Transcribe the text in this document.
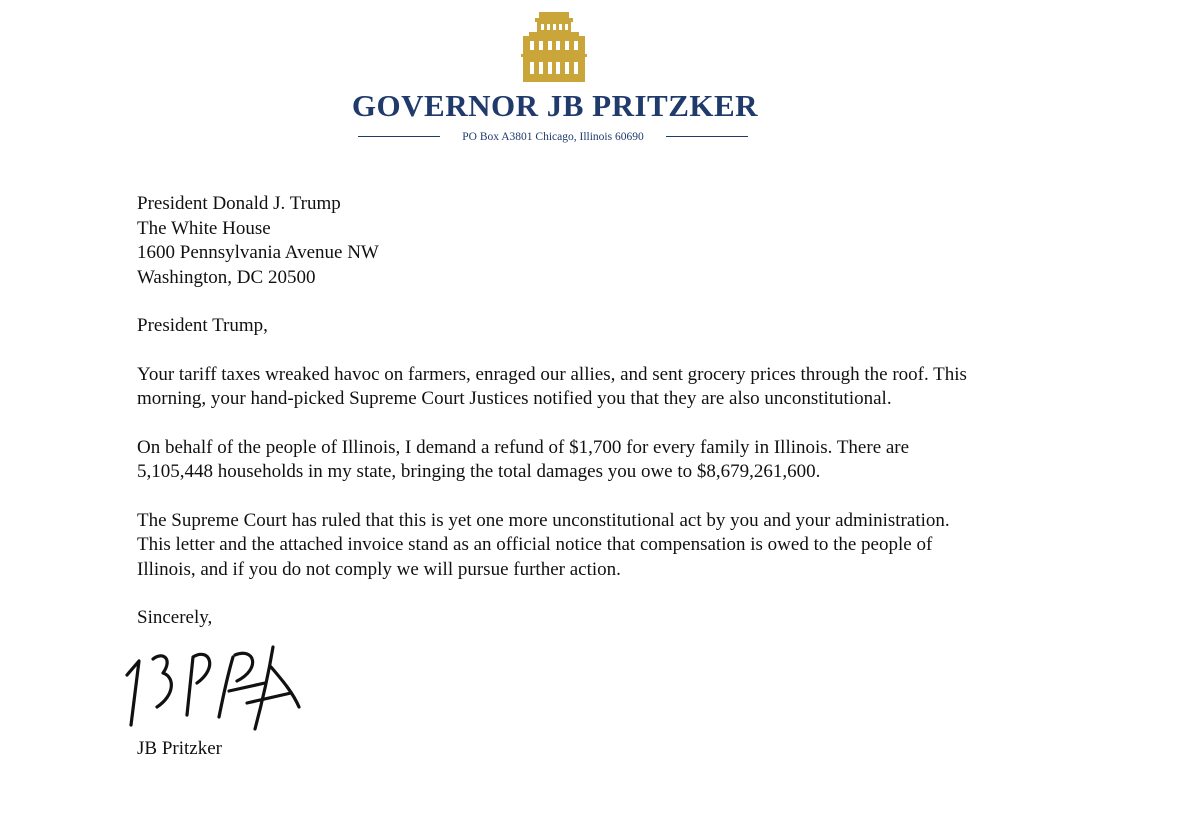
GOVERNOR JB PRITZKER
PO Box A3801 Chicago, Illinois 60690
President Donald J. Trump
The White House
1600 Pennsylvania Avenue NW
Washington, DC 20500
President Trump,
Your tariff taxes wreaked havoc on farmers, enraged our allies, and sent grocery prices through the roof. This morning, your hand-picked Supreme Court Justices notified you that they are also unconstitutional.
On behalf of the people of Illinois, I demand a refund of $1,700 for every family in Illinois. There are 5,105,448 households in my state, bringing the total damages you owe to $8,679,261,600.
The Supreme Court has ruled that this is yet one more unconstitutional act by you and your administration. This letter and the attached invoice stand as an official notice that compensation is owed to the people of Illinois, and if you do not comply we will pursue further action.
Sincerely,
JB Pritzker
